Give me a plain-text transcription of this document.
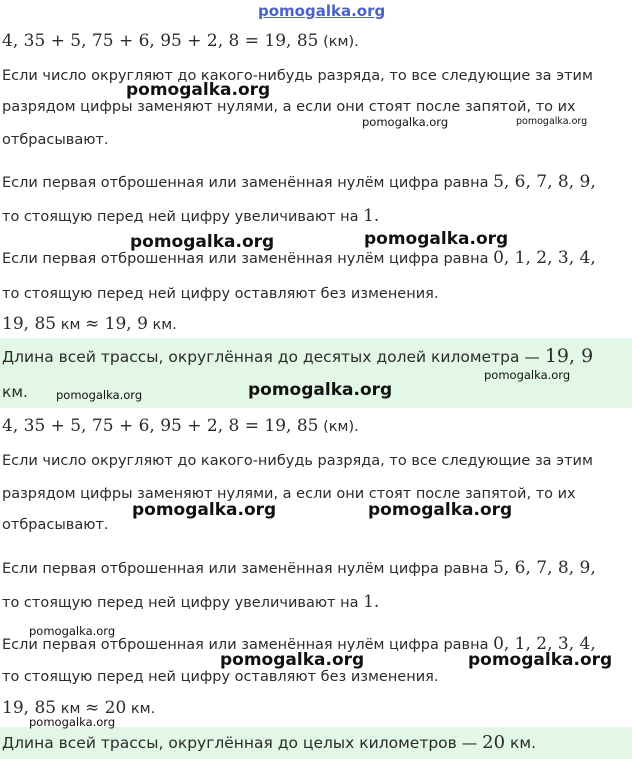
pomogalka.org
4, 35 + 5, 75 + 6, 95 + 2, 8 = 19, 85 (км).
Если число округляют до какого-нибудь разряда, то все следующие за этим
разрядом цифры заменяют нулями, а если они стоят после запятой, то их
отбрасывают.
Если первая отброшенная или заменённая нулём цифра равна 5, 6, 7, 8, 9,
то стоящую перед ней цифру увеличивают на 1.
Если первая отброшенная или заменённая нулём цифра равна 0, 1, 2, 3, 4,
то стоящую перед ней цифру оставляют без изменения.
19, 85 км ≈ 19, 9 км.
Длина всей трассы, округлённая до десятых долей километра — 19, 9
км.
4, 35 + 5, 75 + 6, 95 + 2, 8 = 19, 85 (км).
Если число округляют до какого-нибудь разряда, то все следующие за этим
разрядом цифры заменяют нулями, а если они стоят после запятой, то их
отбрасывают.
Если первая отброшенная или заменённая нулём цифра равна 5, 6, 7, 8, 9,
то стоящую перед ней цифру увеличивают на 1.
Если первая отброшенная или заменённая нулём цифра равна 0, 1, 2, 3, 4,
то стоящую перед ней цифру оставляют без изменения.
19, 85 км ≈ 20 км.
Длина всей трассы, округлённая до целых километров — 20 км.
pomogalka.org
pomogalka.org	pomogalka.org
pomogalka.org	pomogalka.org
pomogalka.org
pomogalka.org	pomogalka.org
pomogalka.org	pomogalka.org
pomogalka.org
pomogalka.org	pomogalka.org
pomogalka.org
